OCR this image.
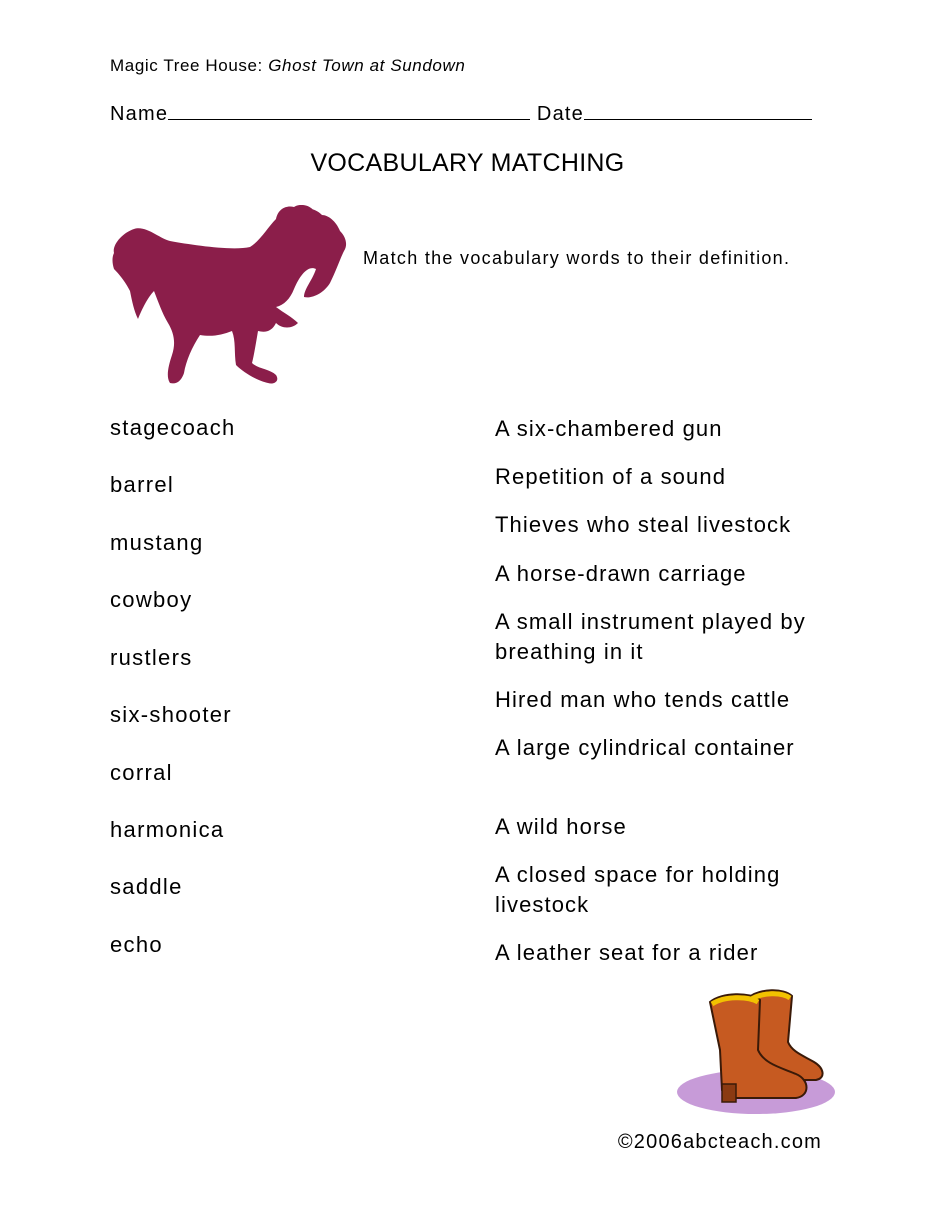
Magic Tree House: Ghost Town at Sundown
Name	Date
VOCABULARY MATCHING
Match the vocabulary words to their definition.
stagecoach
barrel
mustang
cowboy
rustlers
six-shooter
corral
harmonica
saddle
echo
A six-chambered gun
Repetition of a sound
Thieves who steal livestock
A horse-drawn carriage
A small instrument played by breathing in it
Hired man who tends cattle
A large cylindrical container
A wild horse
A closed space for holding livestock
A leather seat for a rider
©2006abcteach.com
